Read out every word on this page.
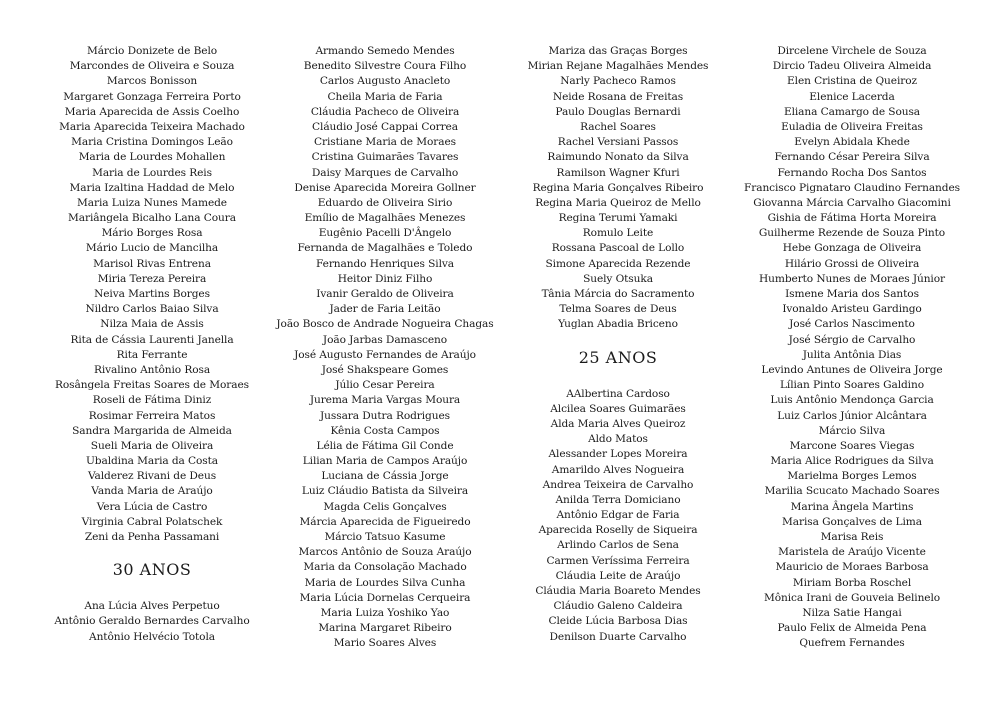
Márcio Donizete de Belo
Marcondes de Oliveira e Souza
Marcos Bonisson
Margaret Gonzaga Ferreira Porto
Maria Aparecida de Assis Coelho
Maria Aparecida Teixeira Machado
Maria Cristina Domingos Leão
Maria de Lourdes Mohallen
Maria de Lourdes Reis
Maria Izaltina Haddad de Melo
Maria Luiza Nunes Mamede
Mariângela Bicalho Lana Coura
Mário Borges Rosa
Mário Lucio de Mancilha
Marisol Rivas Entrena
Miria Tereza Pereira
Neiva Martins Borges
Nildro Carlos Baiao Silva
Nilza Maia de Assis
Rita de Cássia Laurenti Janella
Rita Ferrante
Rivalino Antônio Rosa
Rosângela Freitas Soares de Moraes
Roseli de Fátima Diniz
Rosimar Ferreira Matos
Sandra Margarida de Almeida
Sueli Maria de Oliveira
Ubaldina Maria da Costa
Valderez Rivani de Deus
Vanda Maria de Araújo
Vera Lúcia de Castro
Virginia Cabral Polatschek
Zeni da Penha Passamani
30 ANOS
Ana Lúcia Alves Perpetuo
Antônio Geraldo Bernardes Carvalho
Antônio Helvécio Totola
Armando Semedo Mendes
Benedito Silvestre Coura Filho
Carlos Augusto Anacleto
Cheila Maria de Faria
Cláudia Pacheco de Oliveira
Cláudio José Cappai Correa
Cristiane Maria de Moraes
Cristina Guimarães Tavares
Daisy Marques de Carvalho
Denise Aparecida Moreira Gollner
Eduardo de Oliveira Sirio
Emílio de Magalhães Menezes
Eugênio Pacelli D'Ângelo
Fernanda de Magalhães e Toledo
Fernando Henriques Silva
Heitor Diniz Filho
Ivanir Geraldo de Oliveira
Jader de Faria Leitão
João Bosco de Andrade Nogueira Chagas
João Jarbas Damasceno
José Augusto Fernandes de Araújo
José Shakspeare Gomes
Júlio Cesar Pereira
Jurema Maria Vargas Moura
Jussara Dutra Rodrigues
Kênia Costa Campos
Lélia de Fátima Gil Conde
Lilian Maria de Campos Araújo
Luciana de Cássia Jorge
Luiz Cláudio Batista da Silveira
Magda Celis Gonçalves
Márcia Aparecida de Figueiredo
Márcio Tatsuo Kasume
Marcos Antônio de Souza Araújo
Maria da Consolação Machado
Maria de Lourdes Silva Cunha
Maria Lúcia Dornelas Cerqueira
Maria Luiza Yoshiko Yao
Marina Margaret Ribeiro
Mario Soares Alves
Mariza das Graças Borges
Mirian Rejane Magalhães Mendes
Narly Pacheco Ramos
Neide Rosana de Freitas
Paulo Douglas Bernardi
Rachel Soares
Rachel Versiani Passos
Raimundo Nonato da Silva
Ramilson Wagner Kfuri
Regina Maria Gonçalves Ribeiro
Regina Maria Queiroz de Mello
Regina Terumi Yamaki
Romulo Leite
Rossana Pascoal de Lollo
Simone Aparecida Rezende
Suely Otsuka
Tânia Márcia do Sacramento
Telma Soares de Deus
Yuglan Abadia Briceno
25 ANOS
AAlbertina Cardoso
Alcilea Soares Guimarães
Alda Maria Alves Queiroz
Aldo Matos
Alessander Lopes Moreira
Amarildo Alves Nogueira
Andrea Teixeira de Carvalho
Anilda Terra Domiciano
Antônio Edgar de Faria
Aparecida Roselly de Siqueira
Arlindo Carlos de Sena
Carmen Veríssima Ferreira
Cláudia Leite de Araújo
Cláudia Maria Boareto Mendes
Cláudio Galeno Caldeira
Cleide Lúcia Barbosa Dias
Denilson Duarte Carvalho
Dircelene Virchele de Souza
Dircio Tadeu Oliveira Almeida
Elen Cristina de Queiroz
Elenice Lacerda
Eliana Camargo de Sousa
Euladia de Oliveira Freitas
Evelyn Abidala Khede
Fernando César Pereira Silva
Fernando Rocha Dos Santos
Francisco Pignataro Claudino Fernandes
Giovanna Márcia Carvalho Giacomini
Gishia de Fátima Horta Moreira
Guilherme Rezende de Souza Pinto
Hebe Gonzaga de Oliveira
Hilário Grossi de Oliveira
Humberto Nunes de Moraes Júnior
Ismene Maria dos Santos
Ivonaldo Aristeu Gardingo
José Carlos Nascimento
José Sérgio de Carvalho
Julita Antônia Dias
Levindo Antunes de Oliveira Jorge
Lílian Pinto Soares Galdino
Luis Antônio Mendonça Garcia
Luiz Carlos Júnior Alcântara
Márcio Silva
Marcone Soares Viegas
Maria Alice Rodrigues da Silva
Marielma Borges Lemos
Marilia Scucato Machado Soares
Marina Ângela Martins
Marisa Gonçalves de Lima
Marisa Reis
Maristela de Araújo Vicente
Mauricio de Moraes Barbosa
Miriam Borba Roschel
Mônica Irani de Gouveia Belinelo
Nilza Satie Hangai
Paulo Felix de Almeida Pena
Quefrem Fernandes
